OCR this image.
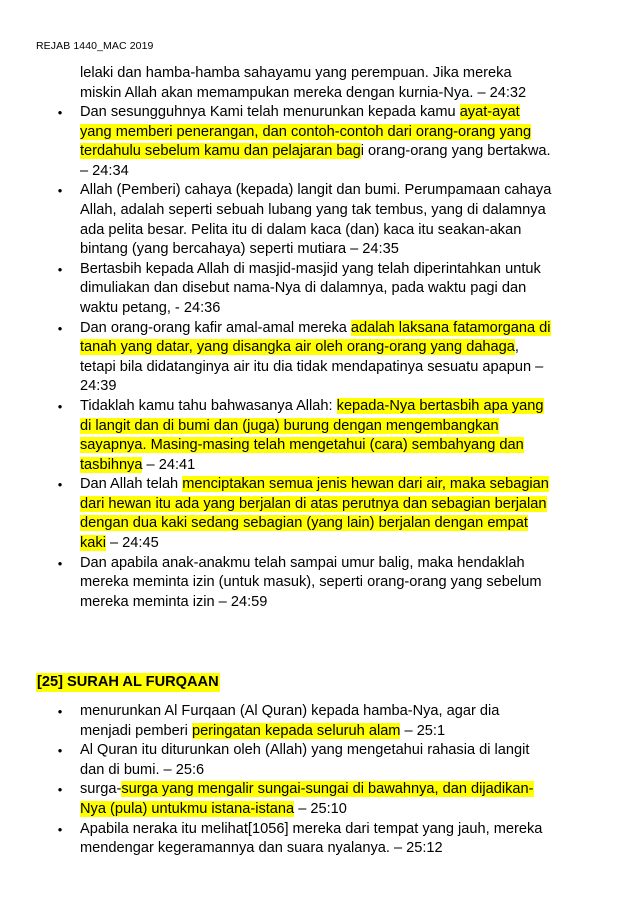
REJAB 1440_MAC 2019

lelaki dan hamba-hamba sahayamu yang perempuan. Jika mereka

miskin Allah akan memampukan mereka dengan kurnia-Nya. – 24:32

•	Dan sesungguhnya Kami telah menurunkan kepada kamu ayat-ayat
yang memberi penerangan, dan contoh-contoh dari orang-orang yang
terdahulu sebelum kamu dan pelajaran bagi orang-orang yang bertakwa.
– 24:34
•	Allah (Pemberi) cahaya (kepada) langit dan bumi. Perumpamaan cahaya
Allah, adalah seperti sebuah lubang yang tak tembus, yang di dalamnya
ada pelita besar. Pelita itu di dalam kaca (dan) kaca itu seakan-akan
bintang (yang bercahaya) seperti mutiara – 24:35
•	Bertasbih kepada Allah di masjid-masjid yang telah diperintahkan untuk
dimuliakan dan disebut nama-Nya di dalamnya, pada waktu pagi dan
waktu petang, - 24:36
•	Dan orang-orang kafir amal-amal mereka adalah laksana fatamorgana di
tanah yang datar, yang disangka air oleh orang-orang yang dahaga,
tetapi bila didatanginya air itu dia tidak mendapatinya sesuatu apapun –
24:39
•	Tidaklah kamu tahu bahwasanya Allah: kepada-Nya bertasbih apa yang
di langit dan di bumi dan (juga) burung dengan mengembangkan
sayapnya. Masing-masing telah mengetahui (cara) sembahyang dan
tasbihnya – 24:41
•	Dan Allah telah menciptakan semua jenis hewan dari air, maka sebagian
dari hewan itu ada yang berjalan di atas perutnya dan sebagian berjalan
dengan dua kaki sedang sebagian (yang lain) berjalan dengan empat
kaki – 24:45
•	Dan apabila anak-anakmu telah sampai umur balig, maka hendaklah
mereka meminta izin (untuk masuk), seperti orang-orang yang sebelum
mereka meminta izin – 24:59
[25] SURAH AL FURQAAN
•	menurunkan Al Furqaan (Al Quran) kepada hamba-Nya, agar dia
menjadi pemberi peringatan kepada seluruh alam – 25:1
•	Al Quran itu diturunkan oleh (Allah) yang mengetahui rahasia di langit
dan di bumi. – 25:6
•	surga-surga yang mengalir sungai-sungai di bawahnya, dan dijadikan-
Nya (pula) untukmu istana-istana – 25:10
•	Apabila neraka itu melihat[1056] mereka dari tempat yang jauh, mereka
mendengar kegeramannya dan suara nyalanya. – 25:12
